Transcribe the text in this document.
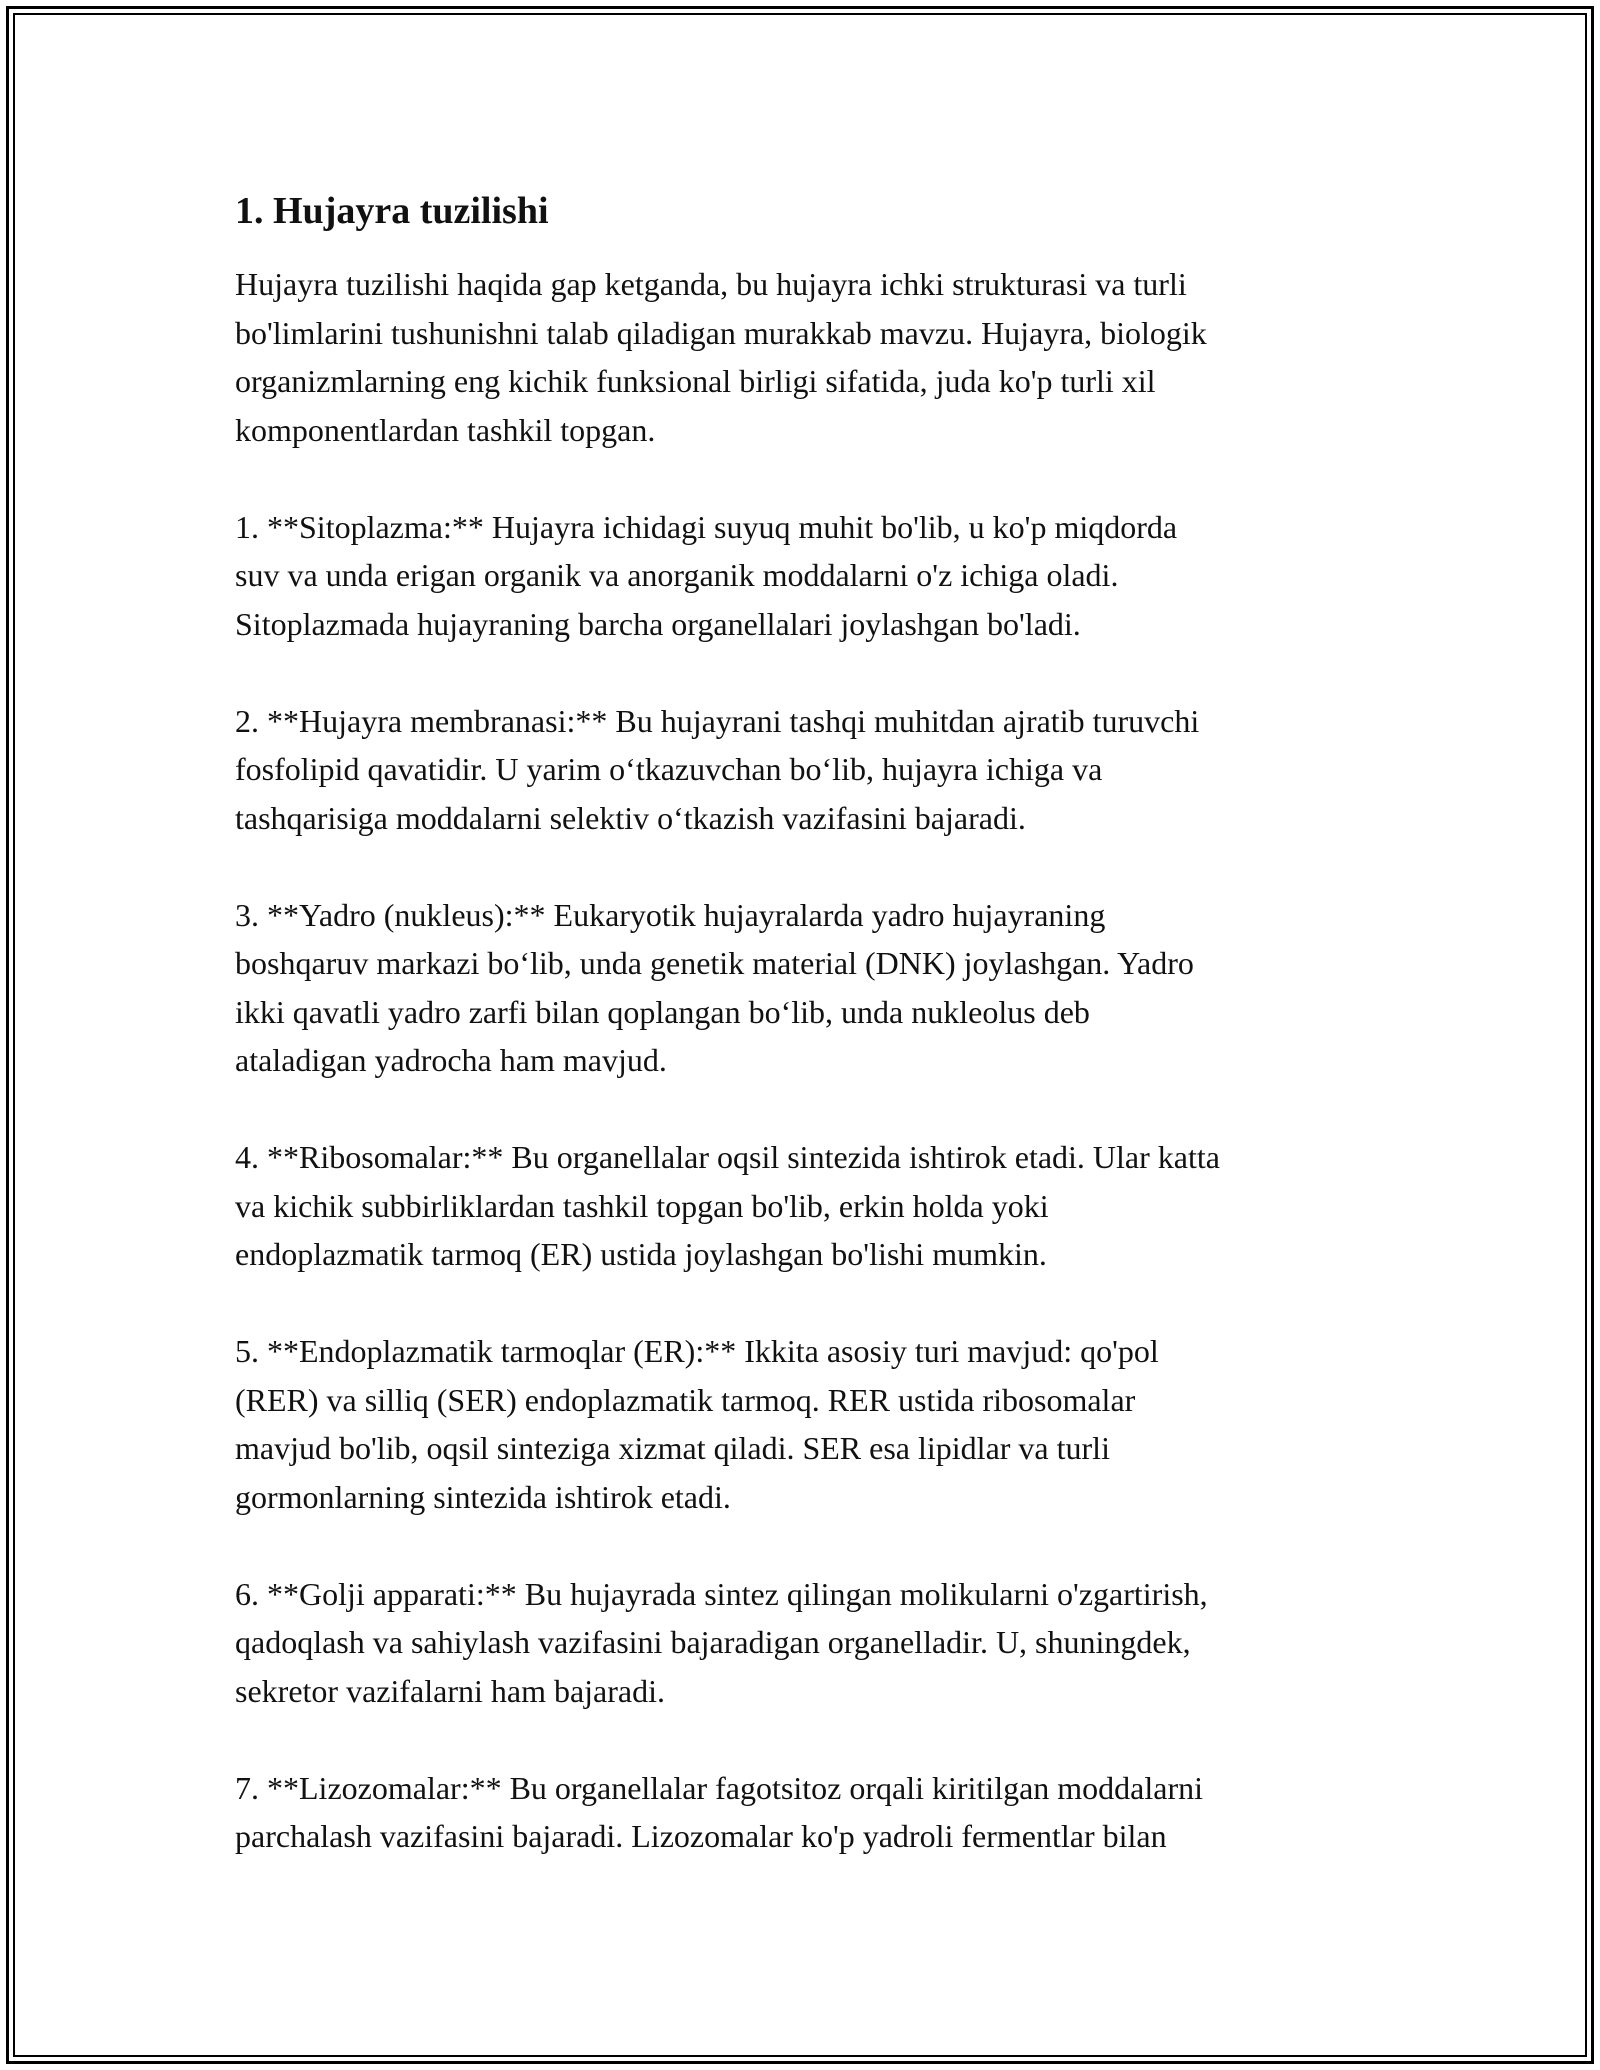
1. Hujayra tuzilishi

Hujayra tuzilishi haqida gap ketganda, bu hujayra ichki strukturasi va turli
bo'limlarini tushunishni talab qiladigan murakkab mavzu. Hujayra, biologik
organizmlarning eng kichik funksional birligi sifatida, juda ko'p turli xil
komponentlardan tashkil topgan.

1. **Sitoplazma:** Hujayra ichidagi suyuq muhit bo'lib, u ko'p miqdorda
suv va unda erigan organik va anorganik moddalarni o'z ichiga oladi.
Sitoplazmada hujayraning barcha organellalari joylashgan bo'ladi.

2. **Hujayra membranasi:** Bu hujayrani tashqi muhitdan ajratib turuvchi
fosfolipid qavatidir. U yarim o‘tkazuvchan bo‘lib, hujayra ichiga va
tashqarisiga moddalarni selektiv o‘tkazish vazifasini bajaradi.

3. **Yadro (nukleus):** Eukaryotik hujayralarda yadro hujayraning
boshqaruv markazi bo‘lib, unda genetik material (DNK) joylashgan. Yadro
ikki qavatli yadro zarfi bilan qoplangan bo‘lib, unda nukleolus deb
ataladigan yadrocha ham mavjud.

4. **Ribosomalar:** Bu organellalar oqsil sintezida ishtirok etadi. Ular katta
va kichik subbirliklardan tashkil topgan bo'lib, erkin holda yoki
endoplazmatik tarmoq (ER) ustida joylashgan bo'lishi mumkin.

5. **Endoplazmatik tarmoqlar (ER):** Ikkita asosiy turi mavjud: qo'pol
(RER) va silliq (SER) endoplazmatik tarmoq. RER ustida ribosomalar
mavjud bo'lib, oqsil sinteziga xizmat qiladi. SER esa lipidlar va turli
gormonlarning sintezida ishtirok etadi.

6. **Golji apparati:** Bu hujayrada sintez qilingan molikularni o'zgartirish,
qadoqlash va sahiylash vazifasini bajaradigan organelladir. U, shuningdek,
sekretor vazifalarni ham bajaradi.

7. **Lizozomalar:** Bu organellalar fagotsitoz orqali kiritilgan moddalarni
parchalash vazifasini bajaradi. Lizozomalar ko'p yadroli fermentlar bilan
